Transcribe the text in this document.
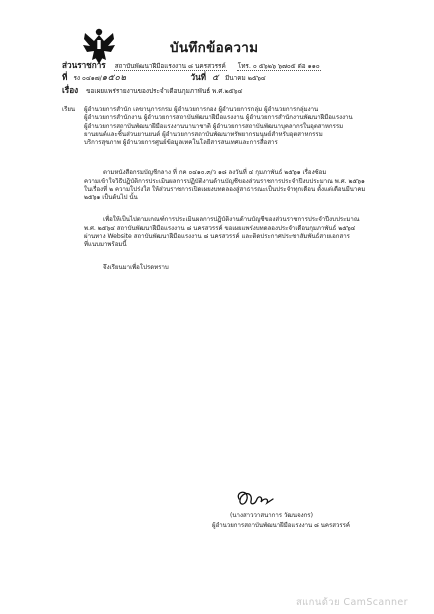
บันทึกข้อความ
ส่วนราชการ สถาบันพัฒนาฝีมือแรงงาน ๘ นครสวรรค์ โทร. ๐ ๕๖๒๖ ๖๗๐๕ ต่อ ๑๑๐
ที่ รง ๐๔๑๗/๑๕๐๒	วันที่ ๕ มีนาคม ๒๕๖๔
เรื่อง ขอเผยแพร่รายงานของประจำเดือนกุมภาพันธ์ พ.ศ.๒๕๖๔
เรียน ผู้อำนวยการสำนัก เลขานุการกรม ผู้อำนวยการกอง ผู้อำนวยการกลุ่ม ผู้อำนวยการกลุ่มงาน

ผู้อำนวยการสำนักงาน ผู้อำนวยการสถาบันพัฒนาฝีมือแรงงาน ผู้อำนวยการสำนักงานพัฒนาฝีมือแรงงาน

ผู้อำนวยการสถาบันพัฒนาฝีมือแรงงานนานาชาติ ผู้อำนวยการสถาบันพัฒนาบุคลากรในอุตสาหกรรม

ยานยนต์และชิ้นส่วนยานยนต์ ผู้อำนวยการสถาบันพัฒนาทรัพยากรมนุษย์สำหรับอุตสาหกรรม

บริการสุขภาพ ผู้อำนวยการศูนย์ข้อมูลเทคโนโลยีสารสนเทศและการสื่อสาร

ตามหนังสือกรมบัญชีกลาง ที่ กค ๐๔๑๐.๓/ว ๑๘ ลงวันที่ ๔ กุมภาพันธ์ ๒๕๖๑ เรื่องซ้อม

ความเข้าใจวิธีปฏิบัติการประเมินผลการปฏิบัติงานด้านบัญชีของส่วนราชการประจำปีงบประมาณ พ.ศ. ๒๕๖๑

ในเรื่องที่ ๒ ความโปร่งใส ให้ส่วนราชการเปิดเผยงบทดลองสู่สาธารณะเป็นประจำทุกเดือน ตั้งแต่เดือนมีนาคม

๒๕๖๑ เป็นต้นไป นั้น

เพื่อให้เป็นไปตามเกณฑ์การประเมินผลการปฏิบัติงานด้านบัญชีของส่วนราชการประจำปีงบประมาณ

พ.ศ. ๒๕๖๔ สถาบันพัฒนาฝีมือแรงงาน ๘ นครสวรรค์ ขอเผยแพร่งบทดลองประจำเดือนกุมภาพันธ์ ๒๕๖๔

ผ่านทาง Website สถาบันพัฒนาฝีมือแรงงาน ๘ นครสวรรค์ และติดประกาศประชาสัมพันธ์สายเอกสาร

ที่แนบมาพร้อมนี้

จึงเรียนมาเพื่อโปรดทราบ
(นางสาววาสนาการ วัฒนจงกร)
ผู้อำนวยการสถาบันพัฒนาฝีมือแรงงาน ๘ นครสวรรค์
สแกนด้วย CamScanner
